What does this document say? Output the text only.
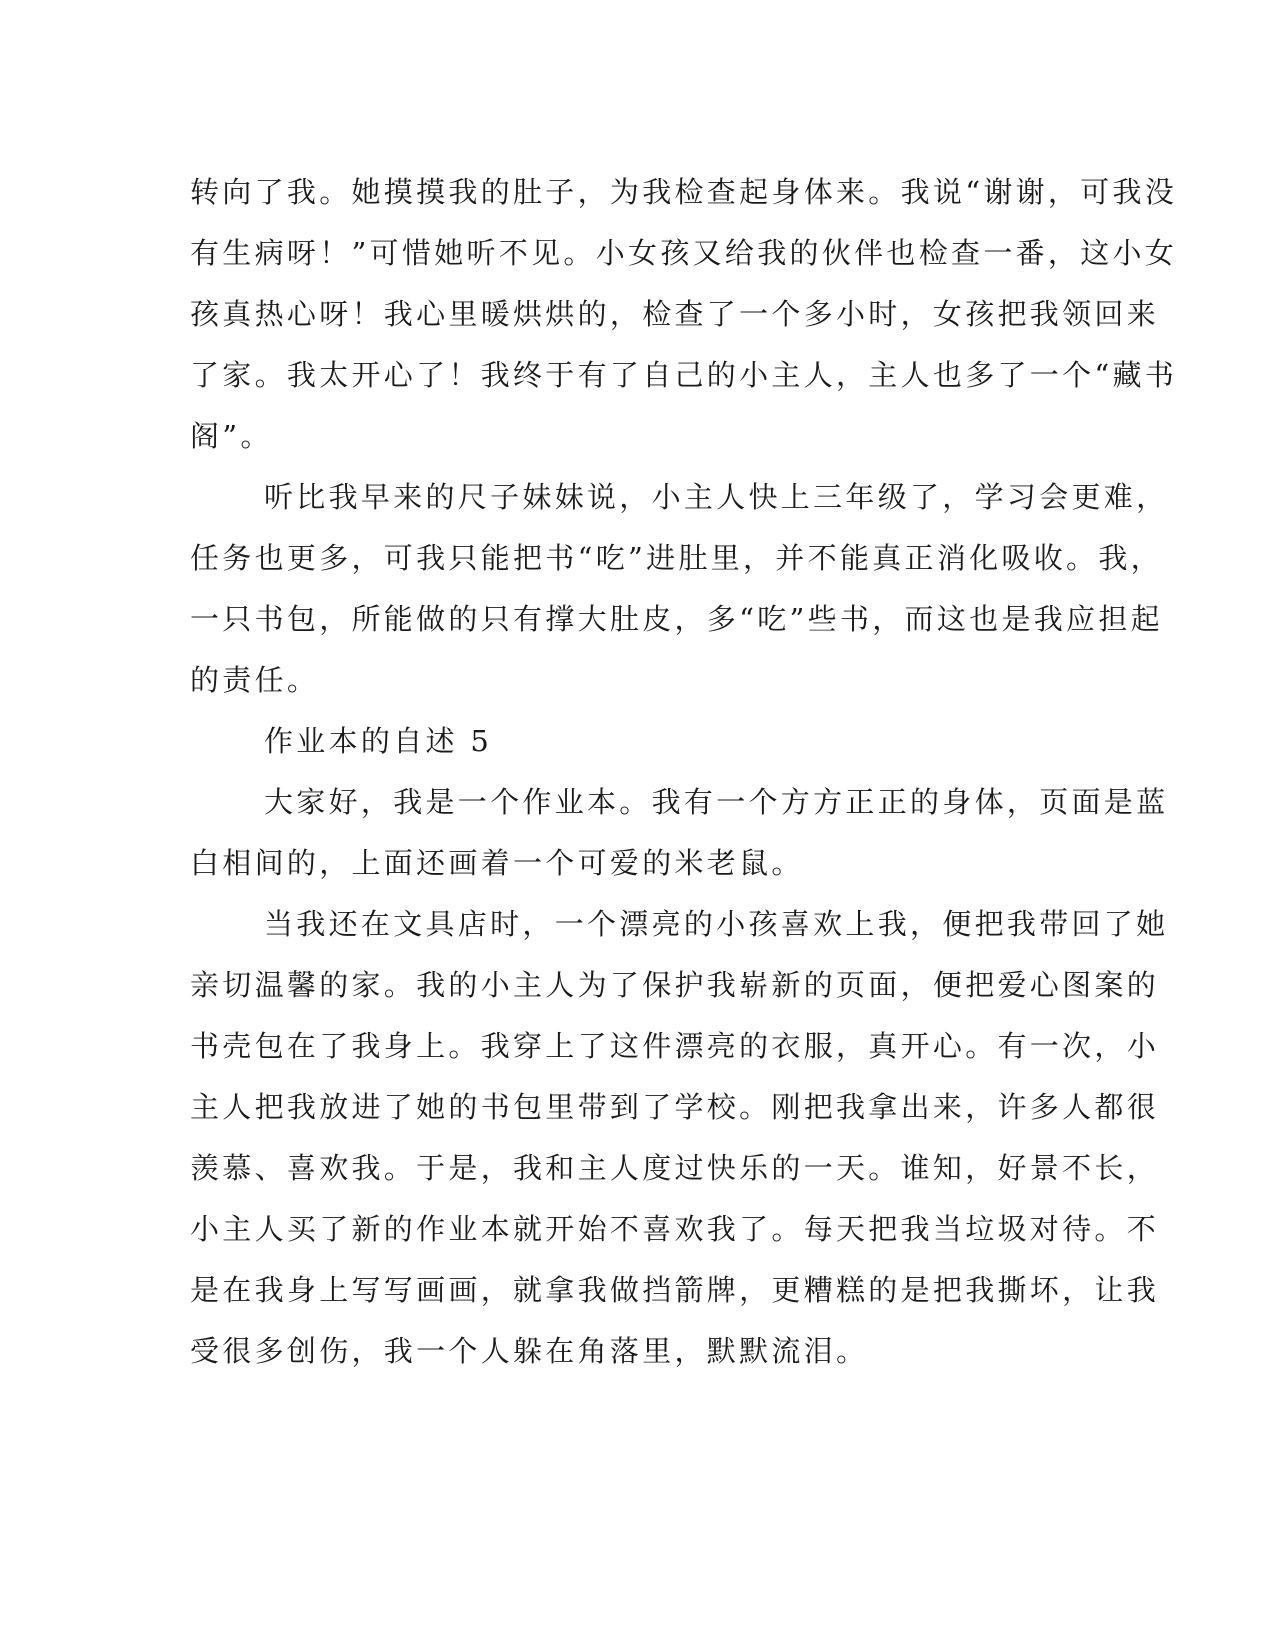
转向了我。她摸摸我的肚子，为我检查起身体来。我说“谢谢，可我没
有生病呀！”可惜她听不见。小女孩又给我的伙伴也检查一番，这小女
孩真热心呀！我心里暖烘烘的，检查了一个多小时，女孩把我领回来
了家。我太开心了！我终于有了自己的小主人，主人也多了一个“藏书
阁”。
听比我早来的尺子妹妹说，小主人快上三年级了，学习会更难，
任务也更多，可我只能把书“吃”进肚里，并不能真正消化吸收。我，
一只书包，所能做的只有撑大肚皮，多“吃”些书，而这也是我应担起
的责任。
作业本的自述 5
大家好，我是一个作业本。我有一个方方正正的身体，页面是蓝
白相间的，上面还画着一个可爱的米老鼠。
当我还在文具店时，一个漂亮的小孩喜欢上我，便把我带回了她
亲切温馨的家。我的小主人为了保护我崭新的页面，便把爱心图案的
书壳包在了我身上。我穿上了这件漂亮的衣服，真开心。有一次，小
主人把我放进了她的书包里带到了学校。刚把我拿出来，许多人都很
羡慕、喜欢我。于是，我和主人度过快乐的一天。谁知，好景不长，
小主人买了新的作业本就开始不喜欢我了。每天把我当垃圾对待。不
是在我身上写写画画，就拿我做挡箭牌，更糟糕的是把我撕坏，让我
受很多创伤，我一个人躲在角落里，默默流泪。
